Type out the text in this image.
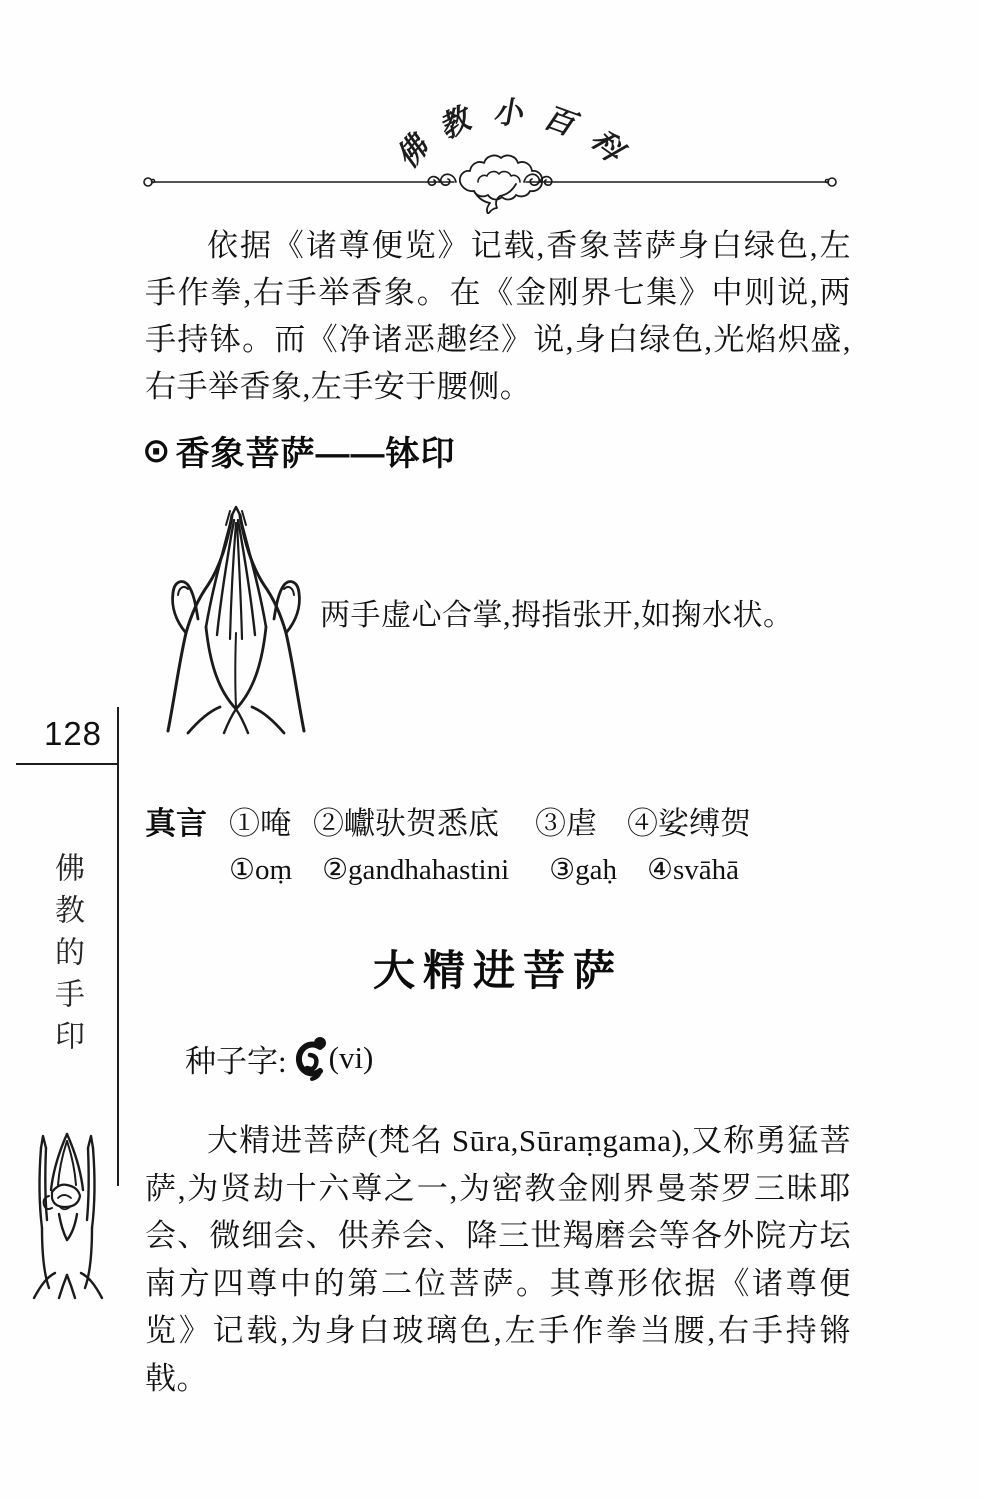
佛
教 小 百
科

依据《诸尊便览》记载,香象菩萨身白绿色,左手作拳,右手举香象。在《金刚界七集》中则说,两手持钵。而《净诸恶趣经》说,身白绿色,光焰炽盛,右手举香象,左手安于腰侧。

⊙ 香象菩萨——钵印
两手虚心合掌,拇指张开,如掬水状。
128
佛教的手印
真言 ①唵 ②巘驮贺悉底 ③虐 ④娑缚贺
①oṃ ②gandhahastini ③gaḥ ④svāhā
大精进菩萨
种子字: (vi)

大精进菩萨(梵名 Sūra,Sūraṃgama),又称勇猛菩萨,为贤劫十六尊之一,为密教金刚界曼荼罗三昧耶会、微细会、供养会、降三世羯磨会等各外院方坛南方四尊中的第二位菩萨。其尊形依据《诸尊便览》记载,为身白玻璃色,左手作拳当腰,右手持锵戟。
